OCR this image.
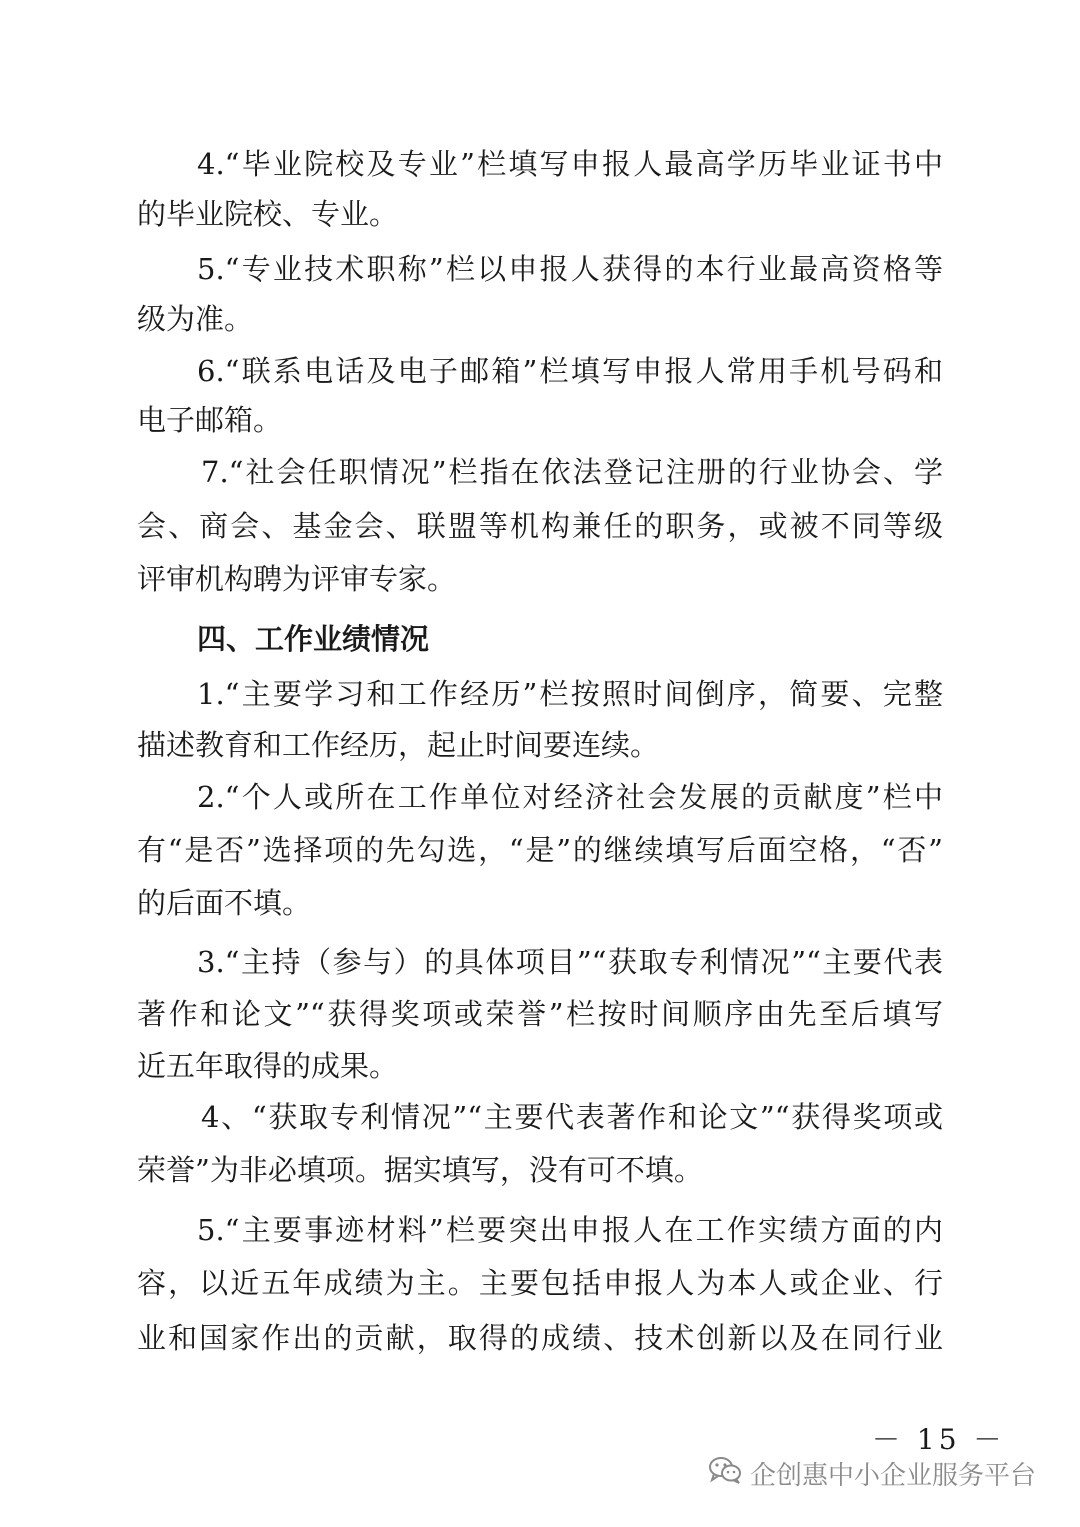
4.“毕业院校及专业”栏填写申报人最高学历毕业证书中
的毕业院校、专业。
5.“专业技术职称”栏以申报人获得的本行业最高资格等
级为准。
6.“联系电话及电子邮箱”栏填写申报人常用手机号码和
电子邮箱。
7.“社会任职情况”栏指在依法登记注册的行业协会、学
会、商会、基金会、联盟等机构兼任的职务，或被不同等级
评审机构聘为评审专家。
四、工作业绩情况
1.“主要学习和工作经历”栏按照时间倒序，简要、完整
描述教育和工作经历，起止时间要连续。
2.“个人或所在工作单位对经济社会发展的贡献度”栏中
有“是否”选择项的先勾选，“是”的继续填写后面空格，“否”
的后面不填。
3.“主持（参与）的具体项目”“获取专利情况”“主要代表
著作和论文”“获得奖项或荣誉”栏按时间顺序由先至后填写
近五年取得的成果。
4、“获取专利情况”“主要代表著作和论文”“获得奖项或
荣誉”为非必填项。据实填写，没有可不填。
5.“主要事迹材料”栏要突出申报人在工作实绩方面的内
容，以近五年成绩为主。主要包括申报人为本人或企业、行
业和国家作出的贡献，取得的成绩、技术创新以及在同行业
－ 15 －
企创惠中小企业服务平台
